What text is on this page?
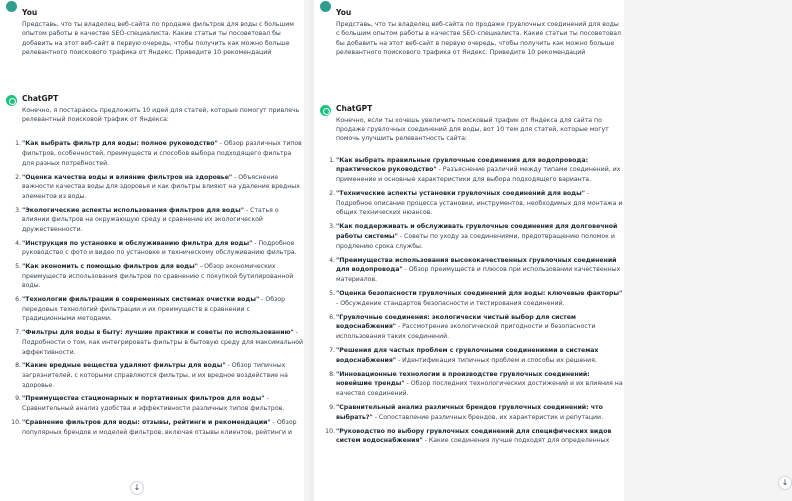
You

Представь, что ты владелец веб-сайта по продаже фильтров для воды с большим опытом работы в качестве SEO-специалиста. Какие статьи ты посоветовал бы добавить на этот веб-сайт в первую очередь, чтобы получить как можно больше релевантного поискового трафика от Яндекс. Приведите 10 рекомендаций

ChatGPT

Конечно, я постараюсь предложить 10 идей для статей, которые помогут привлечь релевантный поисковой трафик от Яндекса:

1. "Как выбрать фильтр для воды: полное руководство" - Обзор различных типов фильтров, особенностей, преимуществ и способов выбора подходящего фильтра для разных потребностей.
2. "Оценка качества воды и влияние фильтров на здоровье" - Объяснение важности качества воды для здоровья и как фильтры влияют на удаление вредных элементов из воды.
3. "Экологические аспекты использования фильтров для воды" - Статья о влиянии фильтров на окружающую среду и сравнение их экологической дружественности.
4. "Инструкция по установке и обслуживанию фильтра для воды" - Подробное руководство с фото и видео по установке и техническому обслуживанию фильтра.
5. "Как экономить с помощью фильтров для воды" - Обзор экономических преимуществ использования фильтров по сравнению с покупкой бутилированной воды.
6. "Технологии фильтрации в современных системах очистки воды" - Обзор передовых технологий фильтрации и их преимуществ в сравнении с традиционными методами.
7. "Фильтры для воды в быту: лучшие практики и советы по использованию" - Подробности о том, как интегрировать фильтры в бытовую среду для максимальной эффективности.
8. "Какие вредные вещества удаляют фильтры для воды" - Обзор типичных загрязнителей, с которыми справляются фильтры, и их вредное воздействие на здоровье.
9. "Преимущества стационарных и портативных фильтров для воды" - Сравнительный анализ удобства и эффективности различных типов фильтров.
10. "Сравнение фильтров для воды: отзывы, рейтинги и рекомендации" - Обзор популярных брендов и моделей фильтров, включая отзывы клиентов, рейтинги и
↓
You

Представь, что ты владелец веб-сайта по продаже грувлочных соединений для воды с большим опытом работы в качестве SEO-специалиста. Какие статьи ты посоветовал бы добавить на этот веб-сайт в первую очередь, чтобы получить как можно больше релевантного поискового трафика от Яндекс. Приведите 10 рекомендаций

ChatGPT

Конечно, если ты хочешь увеличить поисковый трафик от Яндекса для сайта по продаже грувлочных соединений для воды, вот 10 тем для статей, которые могут помочь улучшить релевантность сайта:

1. "Как выбрать правильные грувлочные соединения для водопровода: практическое руководство" - Разъяснение различий между типами соединений, их применение и основные характеристики для выбора подходящего варианта.
2. "Технические аспекты установки грувлочных соединений для воды" - Подробное описание процесса установки, инструментов, необходимых для монтажа и общих технических нюансов.
3. "Как поддерживать и обслуживать грувлочные соединения для долговечной работы системы" - Советы по уходу за соединениями, предотвращению поломок и продлению срока службы.
4. "Преимущества использования высококачественных грувлочных соединений для водопровода" - Обзор преимуществ и плюсов при использовании качественных материалов.
5. "Оценка безопасности грувлочных соединений для воды: ключевые факторы" - Обсуждение стандартов безопасности и тестирования соединений.
6. "Грувлочные соединения: экологически чистый выбор для систем водоснабжения" - Рассмотрение экологической пригодности и безопасности использования таких соединений.
7. "Решения для частых проблем с грувлочными соединениями в системах водоснабжения" - Идентификация типичных проблем и способы их решения.
8. "Инновационные технологии в производстве грувлочных соединений: новейшие тренды" - Обзор последних технологических достижений и их влияния на качество соединений.
9. "Сравнительный анализ различных брендов грувлочных соединений: что выбрать?" - Сопоставление различных брендов, их характеристик и репутации.
10. "Руководство по выбору грувлочных соединений для специфических видов систем водоснабжения" - Какие соединения лучше подходят для определенных
↓
